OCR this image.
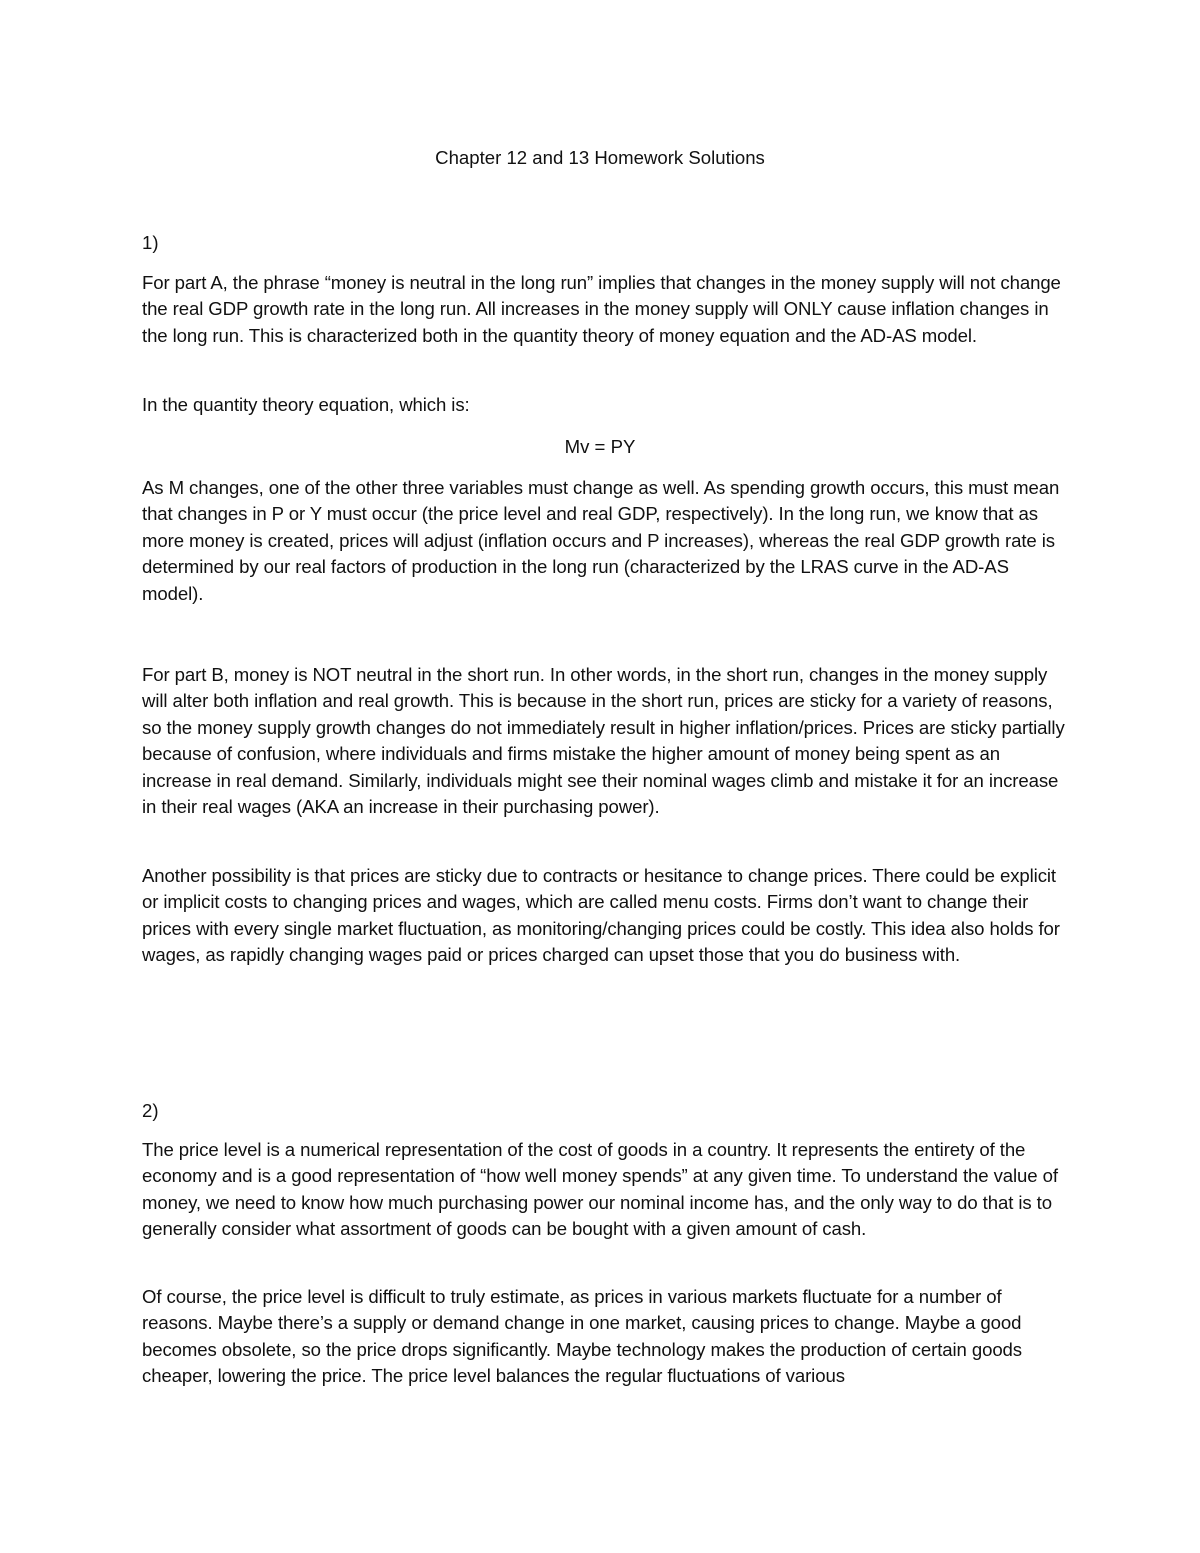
Chapter 12 and 13 Homework Solutions

1)

For part A, the phrase “money is neutral in the long run” implies that changes in the money supply will not change the real GDP growth rate in the long run. All increases in the money supply will ONLY cause inflation changes in the long run. This is characterized both in the quantity theory of money equation and the AD-AS model.

In the quantity theory equation, which is:

Mv = PY

As M changes, one of the other three variables must change as well. As spending growth occurs, this must mean that changes in P or Y must occur (the price level and real GDP, respectively). In the long run, we know that as more money is created, prices will adjust (inflation occurs and P increases), whereas the real GDP growth rate is determined by our real factors of production in the long run (characterized by the LRAS curve in the AD-AS model).

For part B, money is NOT neutral in the short run. In other words, in the short run, changes in the money supply will alter both inflation and real growth. This is because in the short run, prices are sticky for a variety of reasons, so the money supply growth changes do not immediately result in higher inflation/prices. Prices are sticky partially because of confusion, where individuals and firms mistake the higher amount of money being spent as an increase in real demand. Similarly, individuals might see their nominal wages climb and mistake it for an increase in their real wages (AKA an increase in their purchasing power).

Another possibility is that prices are sticky due to contracts or hesitance to change prices. There could be explicit or implicit costs to changing prices and wages, which are called menu costs. Firms don’t want to change their prices with every single market fluctuation, as monitoring/changing prices could be costly. This idea also holds for wages, as rapidly changing wages paid or prices charged can upset those that you do business with.

2)

The price level is a numerical representation of the cost of goods in a country. It represents the entirety of the economy and is a good representation of “how well money spends” at any given time. To understand the value of money, we need to know how much purchasing power our nominal income has, and the only way to do that is to generally consider what assortment of goods can be bought with a given amount of cash.

Of course, the price level is difficult to truly estimate, as prices in various markets fluctuate for a number of reasons. Maybe there’s a supply or demand change in one market, causing prices to change. Maybe a good becomes obsolete, so the price drops significantly. Maybe technology makes the production of certain goods cheaper, lowering the price. The price level balances the regular fluctuations of various
